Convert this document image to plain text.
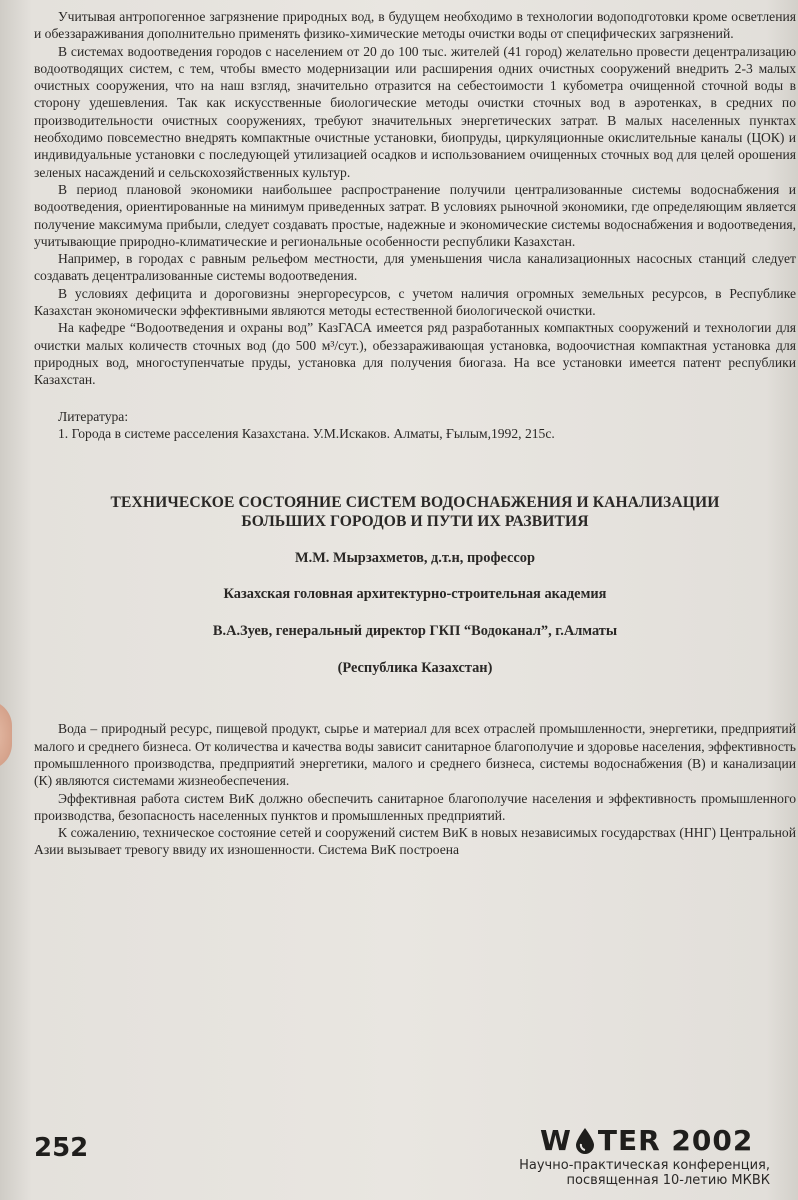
Учитывая антропогенное загрязнение природных вод, в будущем необходимо в технологии водоподготовки кроме осветления и обеззараживания дополнительно применять физико-химические методы очистки воды от специфических загрязнений.

В системах водоотведения городов с населением от 20 до 100 тыс. жителей (41 город) желательно провести децентрализацию водоотводящих систем, с тем, чтобы вместо модернизации или расширения одних очистных сооружений внедрить 2-3 малых очистных сооружения, что на наш взгляд, значительно отразится на себестоимости 1 кубометра очищенной сточной воды в сторону удешевления. Так как искусственные биологические методы очистки сточных вод в аэротенках, в средних по производительности очистных сооружениях, требуют значительных энергетических затрат. В малых населенных пунктах необходимо повсеместно внедрять компактные очистные установки, биопруды, циркуляционные окислительные каналы (ЦОК) и индивидуальные установки с последующей утилизацией осадков и использованием очищенных сточных вод для целей орошения зеленых насаждений и сельскохозяйственных культур.

В период плановой экономики наибольшее распространение получили централизованные системы водоснабжения и водоотведения, ориентированные на минимум приведенных затрат. В условиях рыночной экономики, где определяющим является получение максимума прибыли, следует создавать простые, надежные и экономические системы водоснабжения и водоотведения, учитывающие природно-климатические и региональные особенности республики Казахстан.

Например, в городах с равным рельефом местности, для уменьшения числа канализационных насосных станций следует создавать децентрализованные системы водоотведения.

В условиях дефицита и дороговизны энергоресурсов, с учетом наличия огромных земельных ресурсов, в Республике Казахстан экономически эффективными являются методы естественной биологической очистки.

На кафедре “Водоотведения и охраны вод” КазГАСА имеется ряд разработанных компактных сооружений и технологии для очистки малых количеств сточных вод (до 500 м³/сут.), обеззараживающая установка, водоочистная компактная установка для природных вод, многоступенчатые пруды, установка для получения биогаза. На все установки имеется патент республики Казахстан.

Литература:
1. Города в системе расселения Казахстана. У.М.Искаков. Алматы, Ғылым,1992, 215с.
ТЕХНИЧЕСКОЕ СОСТОЯНИЕ СИСТЕМ ВОДОСНАБЖЕНИЯ И КАНАЛИЗАЦИИ
БОЛЬШИХ ГОРОДОВ И ПУТИ ИХ РАЗВИТИЯ
М.М. Мырзахметов, д.т.н, профессор
Казахская головная архитектурно-строительная академия
В.А.Зуев, генеральный директор ГКП “Водоканал”, г.Алматы
(Республика Казахстан)

Вода – природный ресурс, пищевой продукт, сырье и материал для всех отраслей промышленности, энергетики, предприятий малого и среднего бизнеса. От количества и качества воды зависит санитарное благополучие и здоровье населения, эффективность промышленного производства, предприятий энергетики, малого и среднего бизнеса, системы водоснабжения (В) и канализации (К) являются системами жизнеобеспечения.

Эффективная работа систем ВиК должно обеспечить санитарное благополучие населения и эффективность промышленного производства, безопасность населенных пунктов и промышленных предприятий.

К сожалению, техническое состояние сетей и сооружений систем ВиК в новых независимых государствах (ННГ) Центральной Азии вызывает тревогу ввиду их изношенности. Система ВиК построена

252	W TER 2002
Научно-практическая конференция,
посвященная 10-летию МКВК
